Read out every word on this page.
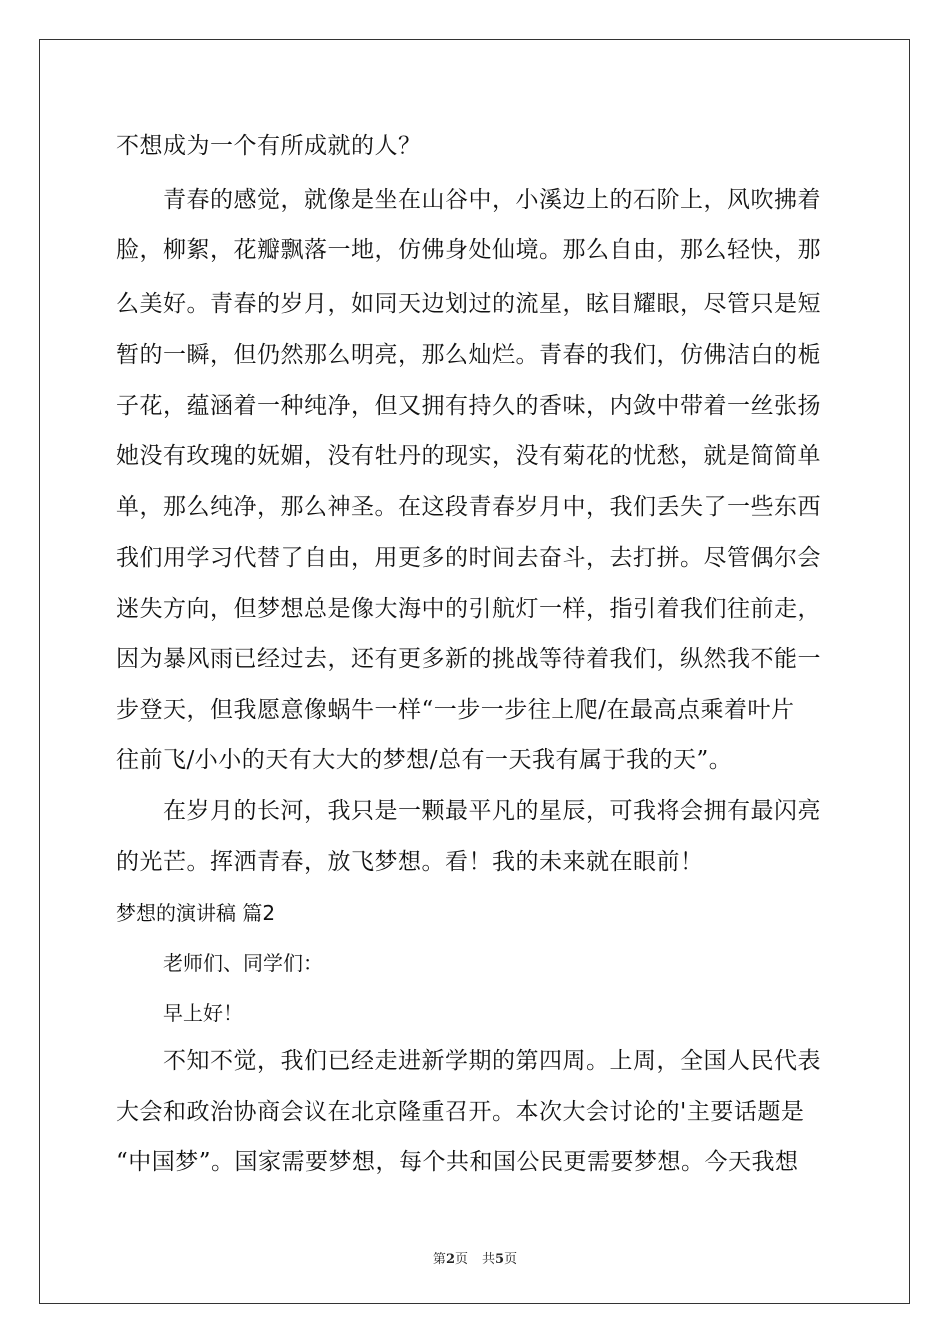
不想成为一个有所成就的人？
青春的感觉，就像是坐在山谷中，小溪边上的石阶上，风吹拂着
脸，柳絮，花瓣飘落一地，仿佛身处仙境。那么自由，那么轻快，那
么美好。青春的岁月，如同天边划过的流星，眩目耀眼，尽管只是短
暂的一瞬，但仍然那么明亮，那么灿烂。青春的我们，仿佛洁白的栀
子花，蕴涵着一种纯净，但又拥有持久的香味，内敛中带着一丝张扬
她没有玫瑰的妩媚，没有牡丹的现实，没有菊花的忧愁，就是简简单
单，那么纯净，那么神圣。在这段青春岁月中，我们丢失了一些东西
我们用学习代替了自由，用更多的时间去奋斗，去打拼。尽管偶尔会
迷失方向，但梦想总是像大海中的引航灯一样，指引着我们往前走，
因为暴风雨已经过去，还有更多新的挑战等待着我们，纵然我不能一
步登天，但我愿意像蜗牛一样“一步一步往上爬/在最高点乘着叶片
往前飞/小小的天有大大的梦想/总有一天我有属于我的天”。
在岁月的长河，我只是一颗最平凡的星辰，可我将会拥有最闪亮
的光芒。挥洒青春，放飞梦想。看！我的未来就在眼前！
梦想的演讲稿 篇2
老师们、同学们：
早上好！
不知不觉，我们已经走进新学期的第四周。上周，全国人民代表
大会和政治协商会议在北京隆重召开。本次大会讨论的'主要话题是
“中国梦”。国家需要梦想，每个共和国公民更需要梦想。今天我想
第2页 共5页
